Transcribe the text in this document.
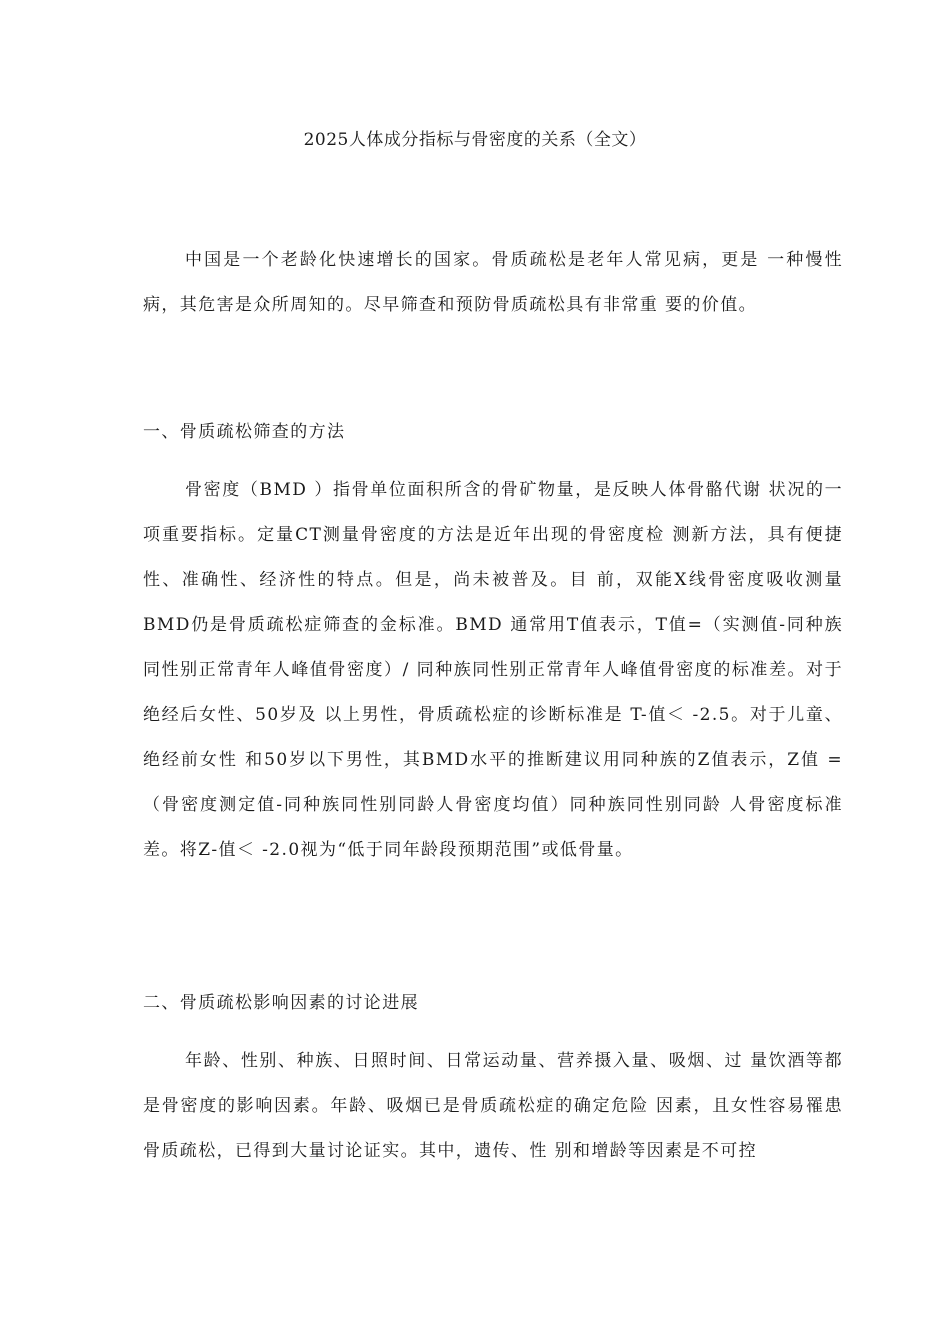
2025人体成分指标与骨密度的关系（全文）

中国是一个老龄化快速增长的国家。骨质疏松是老年人常见病，更是 一种慢性病，其危害是众所周知的。尽早筛查和预防骨质疏松具有非常重 要的价值。

一、骨质疏松筛查的方法

骨密度（BMD ）指骨单位面积所含的骨矿物量，是反映人体骨骼代谢 状况的一项重要指标。定量CT测量骨密度的方法是近年出现的骨密度检 测新方法，具有便捷性、准确性、经济性的特点。但是，尚未被普及。目 前，双能X线骨密度吸收测量BMD仍是骨质疏松症筛查的金标准。BMD 通常用T值表示，T值=（实测值-同种族同性别正常青年人峰值骨密度）/ 同种族同性别正常青年人峰值骨密度的标准差。对于绝经后女性、50岁及 以上男性，骨质疏松症的诊断标准是 T-值＜ -2.5。对于儿童、绝经前女性 和50岁以下男性，其BMD水平的推断建议用同种族的Z值表示，Z值 =（骨密度测定值-同种族同性别同龄人骨密度均值）同种族同性别同龄 人骨密度标准差。将Z-值＜ -2.0视为“低于同年龄段预期范围”或低骨量。

二、骨质疏松影响因素的讨论进展

年龄、性别、种族、日照时间、日常运动量、营养摄入量、吸烟、过 量饮酒等都是骨密度的影响因素。年龄、吸烟已是骨质疏松症的确定危险 因素，且女性容易罹患骨质疏松，已得到大量讨论证实。其中，遗传、性 别和增龄等因素是不可控
